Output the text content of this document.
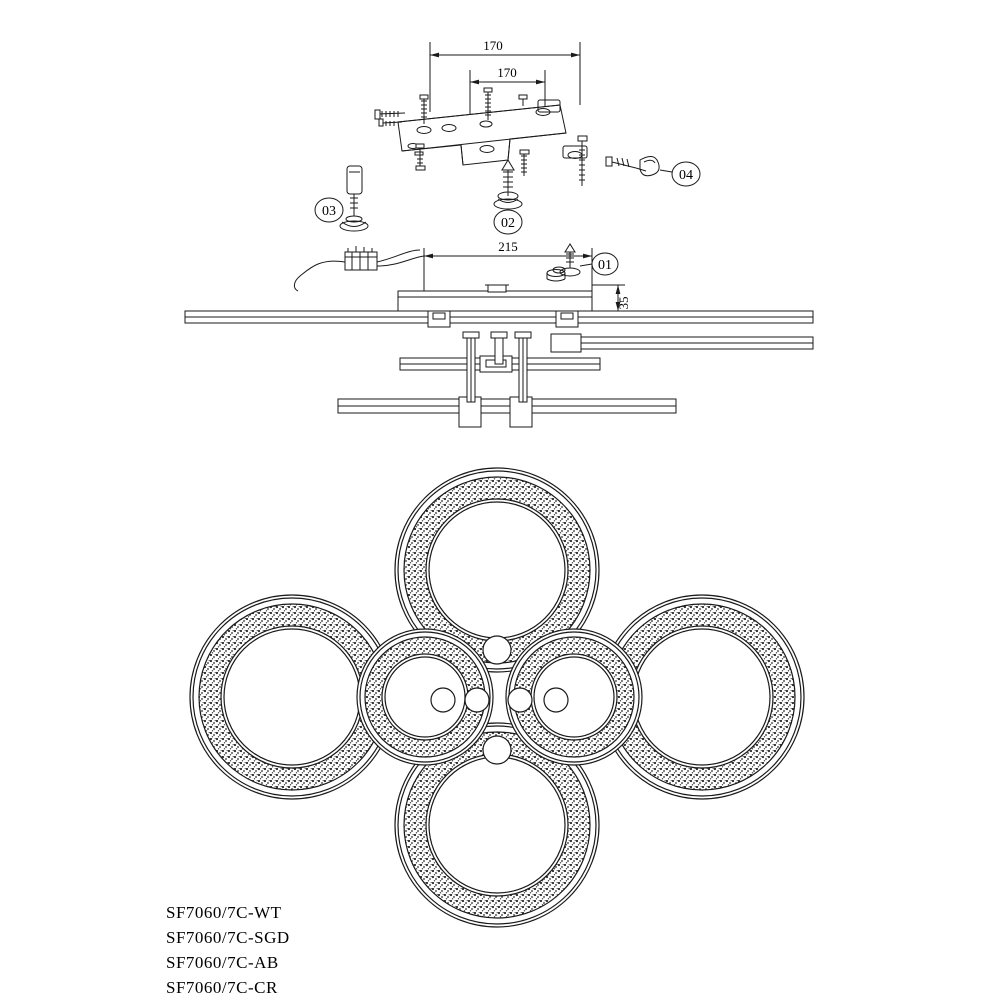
170
170
215
35
01
02
03
04
SF7060/7C-WT
SF7060/7C-SGD
SF7060/7C-AB
SF7060/7C-CR
